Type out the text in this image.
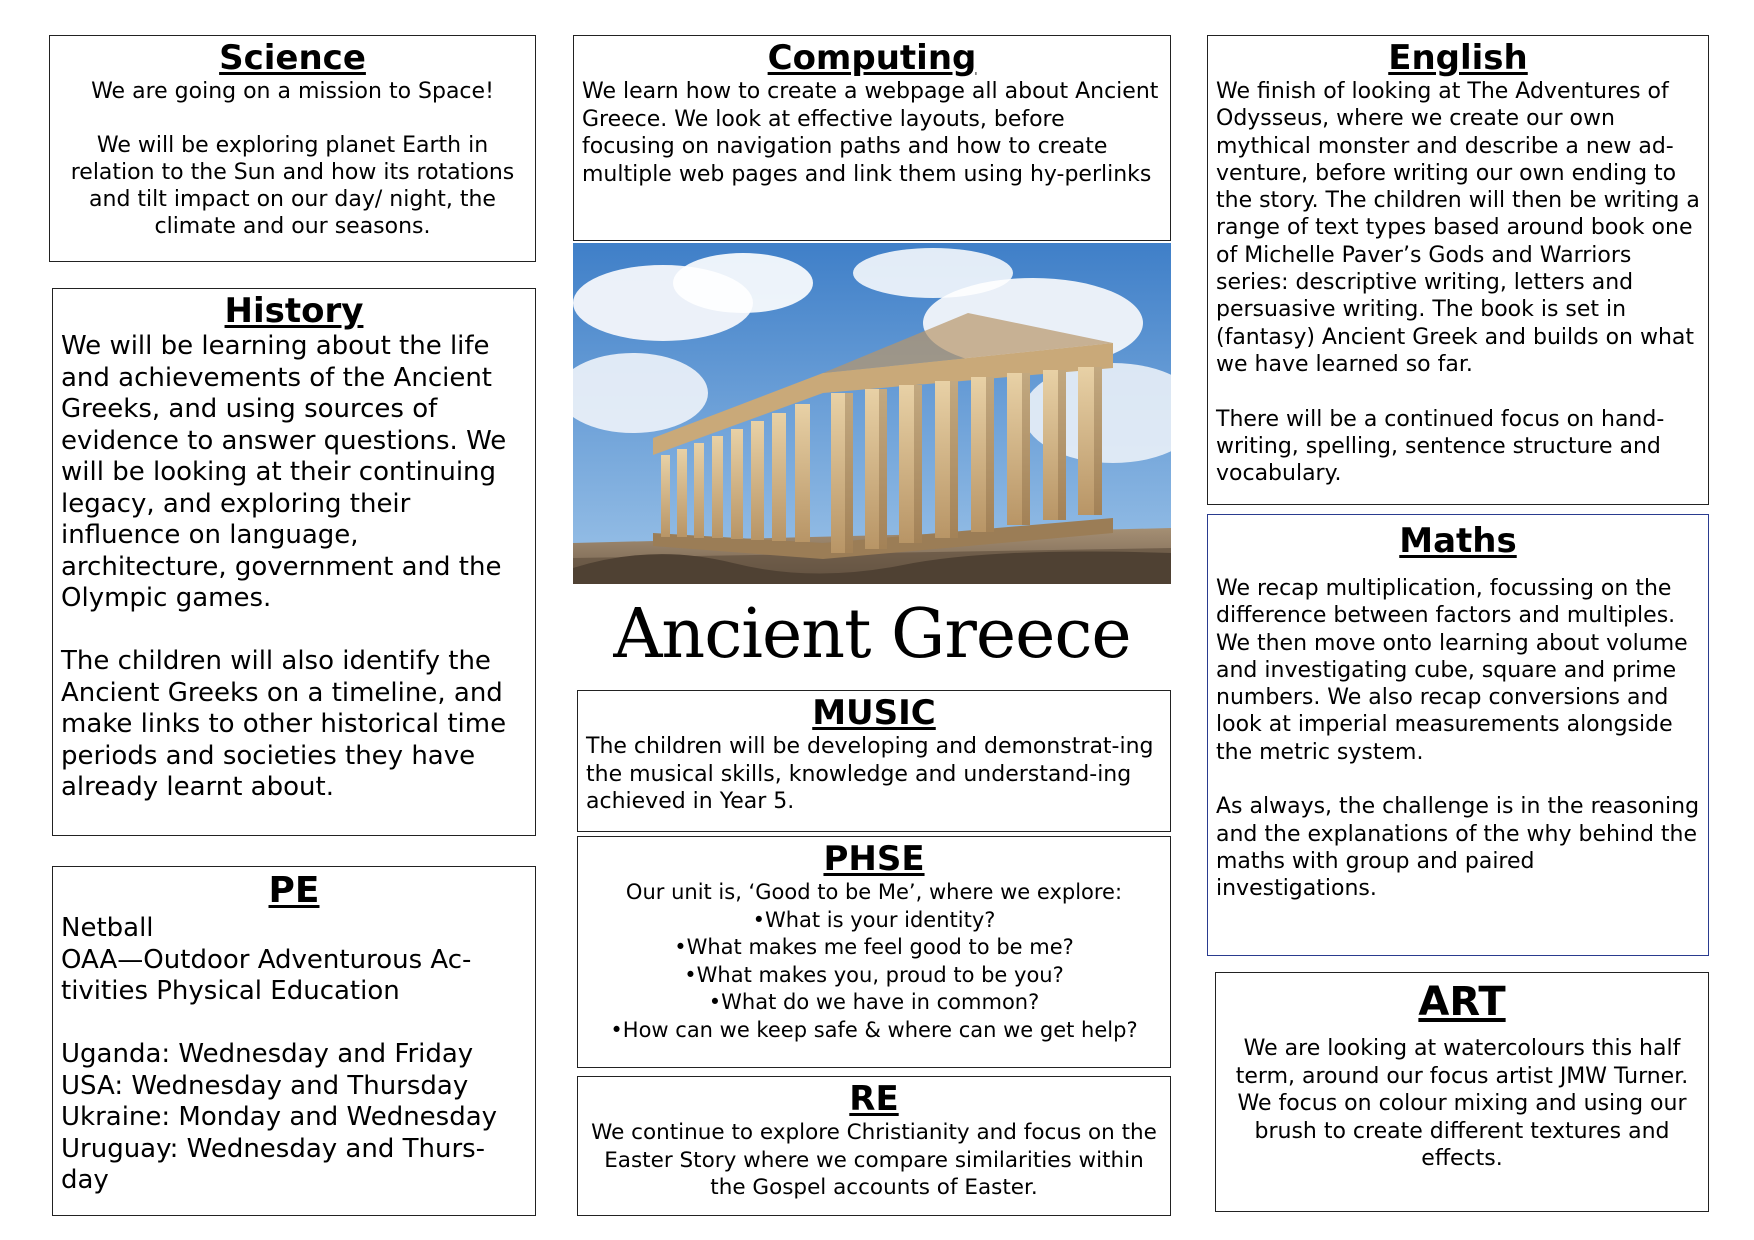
Science

We are going on a mission to Space!

We will be exploring planet Earth in relation to the Sun and how its rotations and tilt impact on our day/ night, the climate and our seasons.

History

We will be learning about the life and achievements of the Ancient Greeks, and using sources of evidence to answer questions. We will be looking at their continuing legacy, and exploring their influence on language, architecture, government and the Olympic games.

The children will also identify the Ancient Greeks on a timeline, and make links to other historical time periods and societies they have already learnt about.

PE

Netball
OAA—Outdoor Adventurous Ac-tivities Physical Education

Uganda: Wednesday and Friday
USA: Wednesday and Thursday
Ukraine: Monday and Wednesday
Uruguay: Wednesday and Thurs-day

Computing

We learn how to create a webpage all about Ancient Greece. We look at effective layouts, before focusing on navigation paths and how to create multiple web pages and link them using hy-perlinks

Ancient Greece
MUSIC

The children will be developing and demonstrat-ing the musical skills, knowledge and understand-ing achieved in Year 5.

PHSE

Our unit is, ‘Good to be Me’, where we explore:
•What is your identity?
•What makes me feel good to be me?
•What makes you, proud to be you?
•What do we have in common?
•How can we keep safe & where can we get help?

RE

We continue to explore Christianity and focus on the Easter Story where we compare similarities within the Gospel accounts of Easter.

English

We finish of looking at The Adventures of Odysseus, where we create our own mythical monster and describe a new ad-venture, before writing our own ending to the story. The children will then be writing a range of text types based around book one of Michelle Paver’s Gods and Warriors series: descriptive writing, letters and persuasive writing. The book is set in (fantasy) Ancient Greek and builds on what we have learned so far.

There will be a continued focus on hand-writing, spelling, sentence structure and vocabulary.

Maths

We recap multiplication, focussing on the difference between factors and multiples. We then move onto learning about volume and investigating cube, square and prime numbers. We also recap conversions and look at imperial measurements alongside the metric system.

As always, the challenge is in the reasoning and the explanations of the why behind the maths with group and paired investigations.

ART

We are looking at watercolours this half term, around our focus artist JMW Turner. We focus on colour mixing and using our brush to create different textures and effects.
